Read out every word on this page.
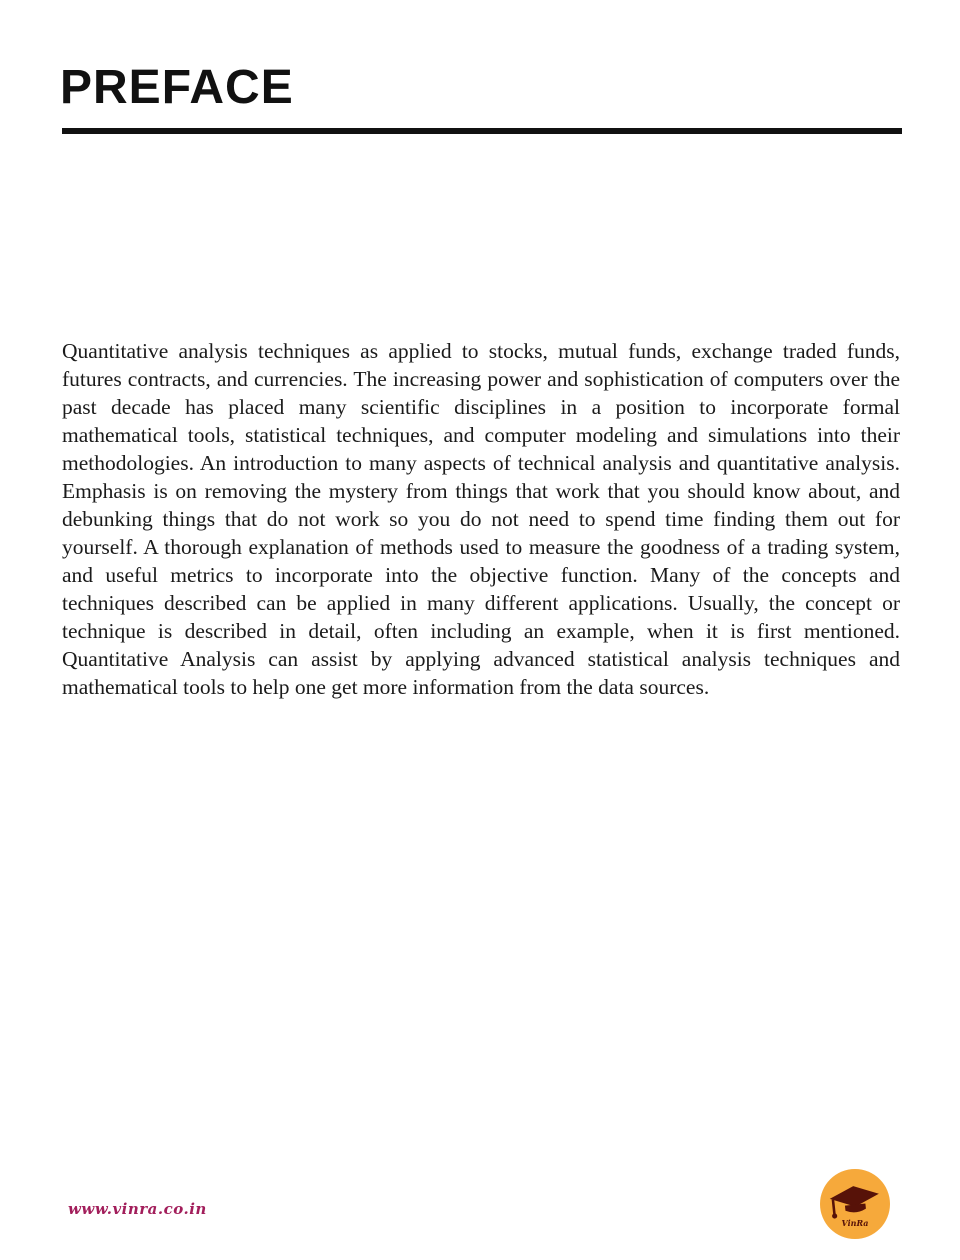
PREFACE

Quantitative analysis techniques as applied to stocks, mutual funds, exchange traded funds, futures contracts, and currencies. The increasing power and sophistication of computers over the past decade has placed many scientific disciplines in a position to incorporate formal mathematical tools, statistical techniques, and computer modeling and simulations into their methodologies. An introduction to many aspects of technical analysis and quantitative analysis. Emphasis is on removing the mystery from things that work that you should know about, and debunking things that do not work so you do not need to spend time finding them out for yourself. A thorough explanation of methods used to measure the goodness of a trading system, and useful metrics to incorporate into the objective function. Many of the concepts and techniques described can be applied in many different applications. Usually, the concept or technique is described in detail, often including an example, when it is first mentioned. Quantitative Analysis can assist by applying advanced statistical analysis techniques and mathematical tools to help one get more information from the data sources.

www.vinra.co.in
VinRa
